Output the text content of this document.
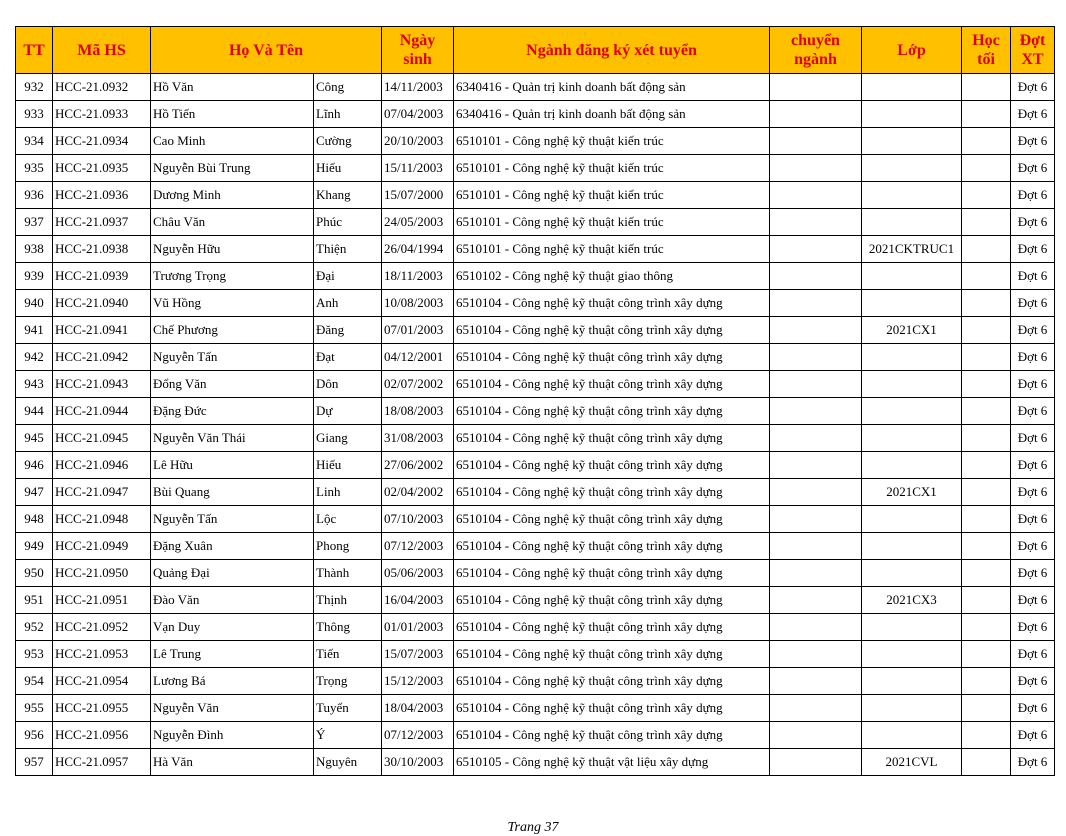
TT	Mã HS	Họ Và Tên		Ngày sinh	Ngành đăng ký xét tuyển	chuyển ngành	Lớp	Học tối	Đợt XT
932	HCC-21.0932	Hồ Văn	Công	14/11/2003	6340416 - Quản trị kinh doanh bất động sản				Đợt 6
933	HCC-21.0933	Hồ Tiến	Lĩnh	07/04/2003	6340416 - Quản trị kinh doanh bất động sản				Đợt 6
934	HCC-21.0934	Cao Minh	Cường	20/10/2003	6510101 - Công nghệ kỹ thuật kiến trúc				Đợt 6
935	HCC-21.0935	Nguyễn Bùi Trung	Hiếu	15/11/2003	6510101 - Công nghệ kỹ thuật kiến trúc				Đợt 6
936	HCC-21.0936	Dương Minh	Khang	15/07/2000	6510101 - Công nghệ kỹ thuật kiến trúc				Đợt 6
937	HCC-21.0937	Châu Văn	Phúc	24/05/2003	6510101 - Công nghệ kỹ thuật kiến trúc				Đợt 6
938	HCC-21.0938	Nguyễn Hữu	Thiện	26/04/1994	6510101 - Công nghệ kỹ thuật kiến trúc		2021CKTRUC1		Đợt 6
939	HCC-21.0939	Trương Trọng	Đại	18/11/2003	6510102 - Công nghệ kỹ thuật giao thông				Đợt 6
940	HCC-21.0940	Vũ Hồng	Anh	10/08/2003	6510104 - Công nghệ kỹ thuật công trình xây dựng				Đợt 6
941	HCC-21.0941	Chế Phương	Đăng	07/01/2003	6510104 - Công nghệ kỹ thuật công trình xây dựng		2021CX1		Đợt 6
942	HCC-21.0942	Nguyễn Tấn	Đạt	04/12/2001	6510104 - Công nghệ kỹ thuật công trình xây dựng				Đợt 6
943	HCC-21.0943	Đổng Văn	Dôn	02/07/2002	6510104 - Công nghệ kỹ thuật công trình xây dựng				Đợt 6
944	HCC-21.0944	Đặng Đức	Dự	18/08/2003	6510104 - Công nghệ kỹ thuật công trình xây dựng				Đợt 6
945	HCC-21.0945	Nguyễn Văn Thái	Giang	31/08/2003	6510104 - Công nghệ kỹ thuật công trình xây dựng				Đợt 6
946	HCC-21.0946	Lê Hữu	Hiếu	27/06/2002	6510104 - Công nghệ kỹ thuật công trình xây dựng				Đợt 6
947	HCC-21.0947	Bùi Quang	Linh	02/04/2002	6510104 - Công nghệ kỹ thuật công trình xây dựng		2021CX1		Đợt 6
948	HCC-21.0948	Nguyễn Tấn	Lộc	07/10/2003	6510104 - Công nghệ kỹ thuật công trình xây dựng				Đợt 6
949	HCC-21.0949	Đặng Xuân	Phong	07/12/2003	6510104 - Công nghệ kỹ thuật công trình xây dựng				Đợt 6
950	HCC-21.0950	Quảng Đại	Thành	05/06/2003	6510104 - Công nghệ kỹ thuật công trình xây dựng				Đợt 6
951	HCC-21.0951	Đào Văn	Thịnh	16/04/2003	6510104 - Công nghệ kỹ thuật công trình xây dựng		2021CX3		Đợt 6
952	HCC-21.0952	Vạn Duy	Thông	01/01/2003	6510104 - Công nghệ kỹ thuật công trình xây dựng				Đợt 6
953	HCC-21.0953	Lê Trung	Tiến	15/07/2003	6510104 - Công nghệ kỹ thuật công trình xây dựng				Đợt 6
954	HCC-21.0954	Lương Bá	Trọng	15/12/2003	6510104 - Công nghệ kỹ thuật công trình xây dựng				Đợt 6
955	HCC-21.0955	Nguyễn Văn	Tuyển	18/04/2003	6510104 - Công nghệ kỹ thuật công trình xây dựng				Đợt 6
956	HCC-21.0956	Nguyễn Đình	Ý	07/12/2003	6510104 - Công nghệ kỹ thuật công trình xây dựng				Đợt 6
957	HCC-21.0957	Hà Văn	Nguyên	30/10/2003	6510105 - Công nghệ kỹ thuật vật liệu xây dựng		2021CVL		Đợt 6
Trang 37
